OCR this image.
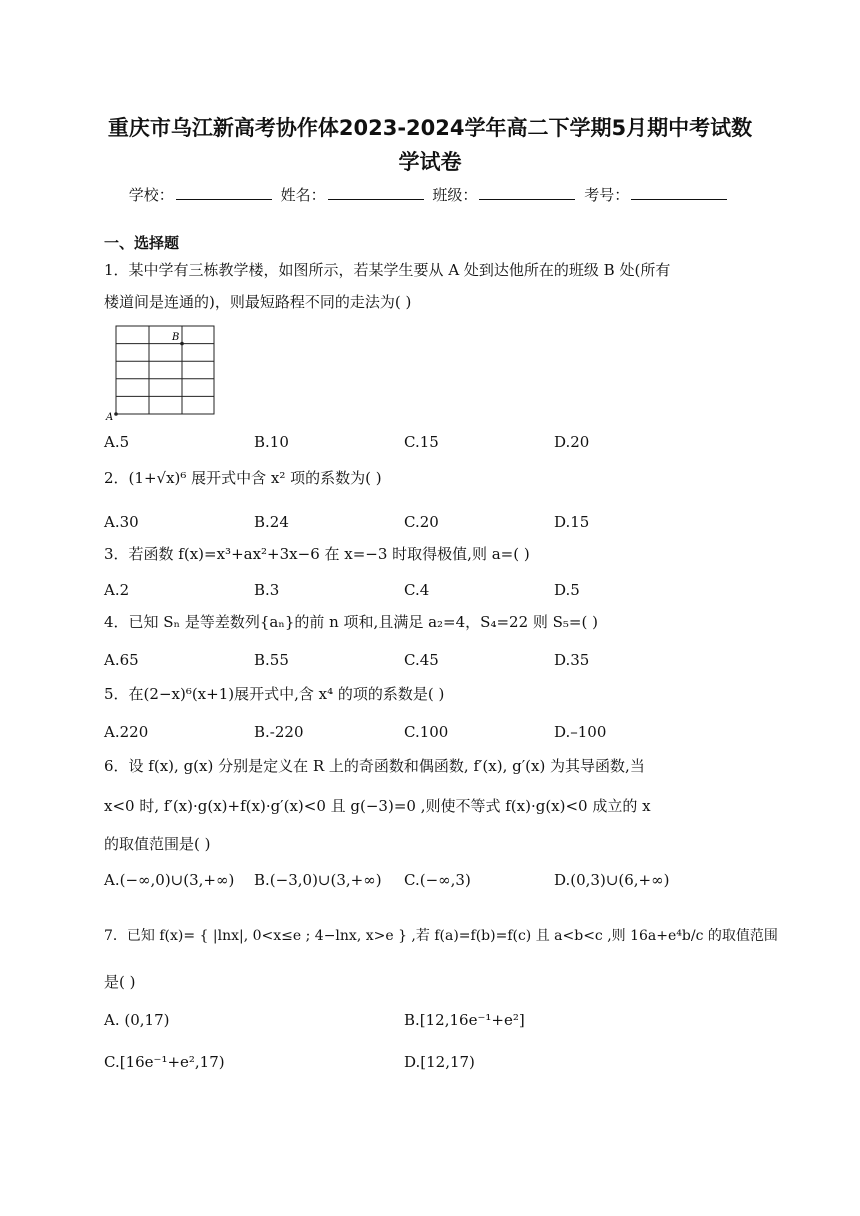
重庆市乌江新高考协作体2023-2024学年高二下学期5月期中考试数
学试卷
学校：	姓名：	班级：	考号：
一、选择题
1．某中学有三栋教学楼，如图所示，若某学生要从 A 处到达他所在的班级 B 处(所有
楼道间是连通的)，则最短路程不同的走法为( )
A
B
A.5	B.10	C.15	D.20
2．(1+√x)⁶ 展开式中含 x² 项的系数为( )
A.30	B.24	C.20	D.15
3．若函数 f(x)=x³+ax²+3x−6 在 x=−3 时取得极值,则 a=( )
A.2	B.3	C.4	D.5
4．已知 Sₙ 是等差数列{aₙ}的前 n 项和,且满足 a₂=4，S₄=22 则 S₅=( )
A.65	B.55	C.45	D.35
5．在(2−x)⁶(x+1)展开式中,含 x⁴ 的项的系数是( )
A.220	B.-220	C.100	D.–100
6．设 f(x), g(x) 分别是定义在 R 上的奇函数和偶函数, f′(x), g′(x) 为其导函数,当
x<0 时, f′(x)·g(x)+f(x)·g′(x)<0 且 g(−3)=0 ,则使不等式 f(x)·g(x)<0 成立的 x
的取值范围是( )
A.(−∞,0)∪(3,+∞) B.(−3,0)∪(3,+∞) C.(−∞,3)	D.(0,3)∪(6,+∞)
7．已知 f(x)= { |lnx|, 0<x≤e ; 4−lnx, x>e } ,若 f(a)=f(b)=f(c) 且 a<b<c ,则 16a+e⁴b/c 的取值范围
是( )
A. (0,17)	B.[12,16e⁻¹+e²]
C.[16e⁻¹+e²,17)	D.[12,17)
